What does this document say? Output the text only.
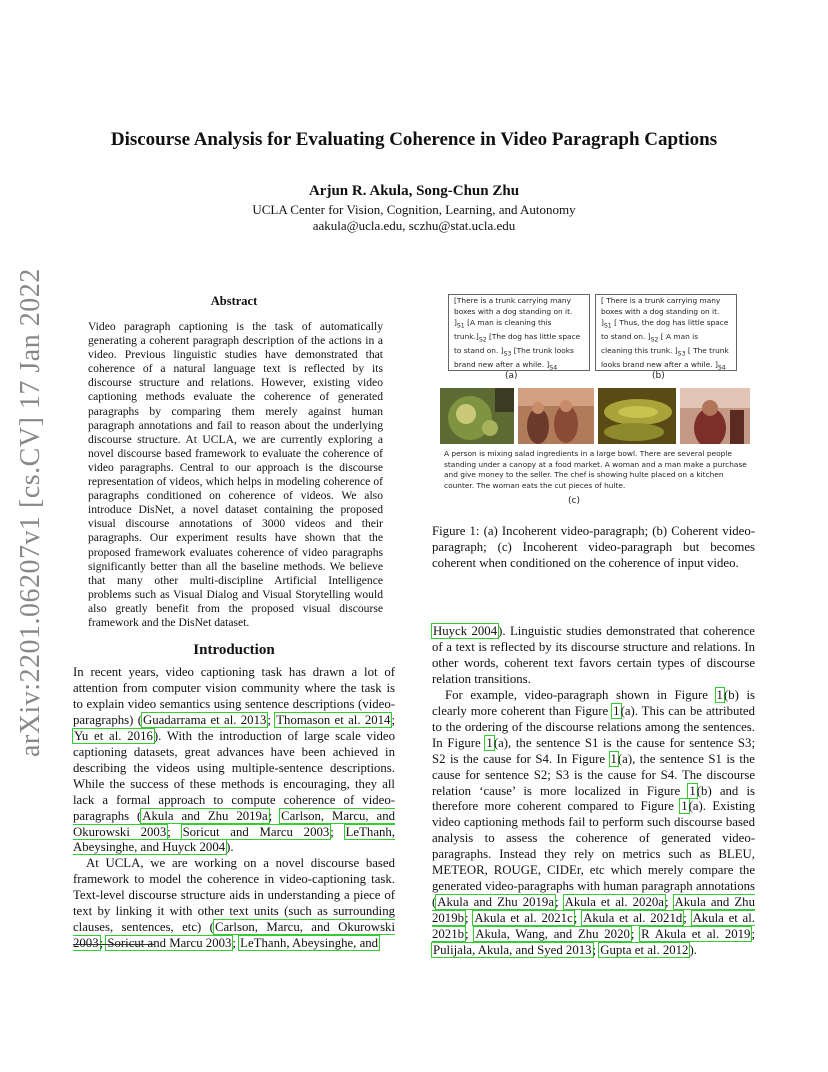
Discourse Analysis for Evaluating Coherence in Video Paragraph Captions
Arjun R. Akula, Song-Chun Zhu
UCLA Center for Vision, Cognition, Learning, and Autonomy
aakula@ucla.edu, sczhu@stat.ucla.edu
arXiv:2201.06207v1 [cs.CV] 17 Jan 2022	Abstract
Video paragraph captioning is the task of automatically generating a coherent paragraph description of the actions in a video. Previous linguistic studies have demonstrated that coherence of a natural language text is reflected by its discourse structure and relations. However, existing video captioning methods evaluate the coherence of generated paragraphs by comparing them merely against human paragraph annotations and fail to reason about the underlying discourse structure. At UCLA, we are currently exploring a novel discourse based framework to evaluate the coherence of video paragraphs. Central to our approach is the discourse representation of videos, which helps in modeling coherence of paragraphs conditioned on coherence of videos. We also introduce DisNet, a novel dataset containing the proposed visual discourse annotations of 3000 videos and their paragraphs. Our experiment results have shown that the proposed framework evaluates coherence of video paragraphs significantly better than all the baseline methods. We believe that many other multi-discipline Artificial Intelligence problems such as Visual Dialog and Visual Storytelling would also greatly benefit from the proposed visual discourse framework and the DisNet dataset.
[There is a trunk carrying many boxes with a dog standing on it. ]$_{S1}$ [A man is cleaning this $trunk.]_{S2}$ [The dog has little space to stand on. ]$_{S3}$ [The trunk looks brand new after a while. ]$_{S4}$
[ There is a trunk carrying many boxes with a dog standing on it. ]$_{S1}$ [ Thus, the dog has little space to stand on. ]$_{S2}$ [ A man is cleaning this trunk. ]$_{S3}$ [ The trunk looks brand new after a while. ]$_{S4}$
(a)	(b)
A person is mixing salad ingredients in a large bowl. There are several people standing under a canopy at a food market. A woman and a man make a purchase and give money to the seller. The chef is showing hulte placed on a kitchen counter. The woman eats the cut pieces of hulte.
(c)
Figure 1: (a) Incoherent video-paragraph; (b) Coherent video-paragraph; (c) Incoherent video-paragraph but becomes coherent when conditioned on the coherence of input video.
Introduction

In recent years, video captioning task has drawn a lot of attention from computer vision community where the task is to explain video semantics using sentence descriptions (video-paragraphs) (Guadarrama et al. 2013; Thomason et al. 2014; Yu et al. 2016). With the introduction of large scale video captioning datasets, great advances have been achieved in describing the videos using multiple-sentence descriptions. While the success of these methods is encouraging, they all lack a formal approach to compute coherence of video-paragraphs (Akula and Zhu 2019a; Carlson, Marcu, and Okurowski 2003; Soricut and Marcu 2003; LeThanh, Abeysinghe, and Huyck 2004).

At UCLA, we are working on a novel discourse based framework to model the coherence in video-captioning task. Text-level discourse structure aids in understanding a piece of text by linking it with other text units (such as surrounding clauses, sentences, etc) (Carlson, Marcu, and Okurowski 2003; Soricut and Marcu 2003; LeThanh, Abeysinghe, and

Huyck 2004). Linguistic studies demonstrated that coherence of a text is reflected by its discourse structure and relations. In other words, coherent text favors certain types of discourse relation transitions.

For example, video-paragraph shown in Figure 1(b) is clearly more coherent than Figure 1(a). This can be attributed to the ordering of the discourse relations among the sentences. In Figure 1(a), the sentence S1 is the cause for sentence S3; S2 is the cause for S4. In Figure 1(a), the sentence S1 is the cause for sentence S2; S3 is the cause for S4. The discourse relation ‘cause’ is more localized in Figure 1(b) and is therefore more coherent compared to Figure 1(a). Existing video captioning methods fail to perform such discourse based analysis to assess the coherence of generated video-paragraphs. Instead they rely on metrics such as BLEU, METEOR, ROUGE, CIDEr, etc which merely compare the generated video-paragraphs with human paragraph annotations (Akula and Zhu 2019a; Akula et al. 2020a; Akula and Zhu 2019b; Akula et al. 2021c; Akula et al. 2021d; Akula et al. 2021b; Akula, Wang, and Zhu 2020; R Akula et al. 2019; Pulijala, Akula, and Syed 2013; Gupta et al. 2012).
